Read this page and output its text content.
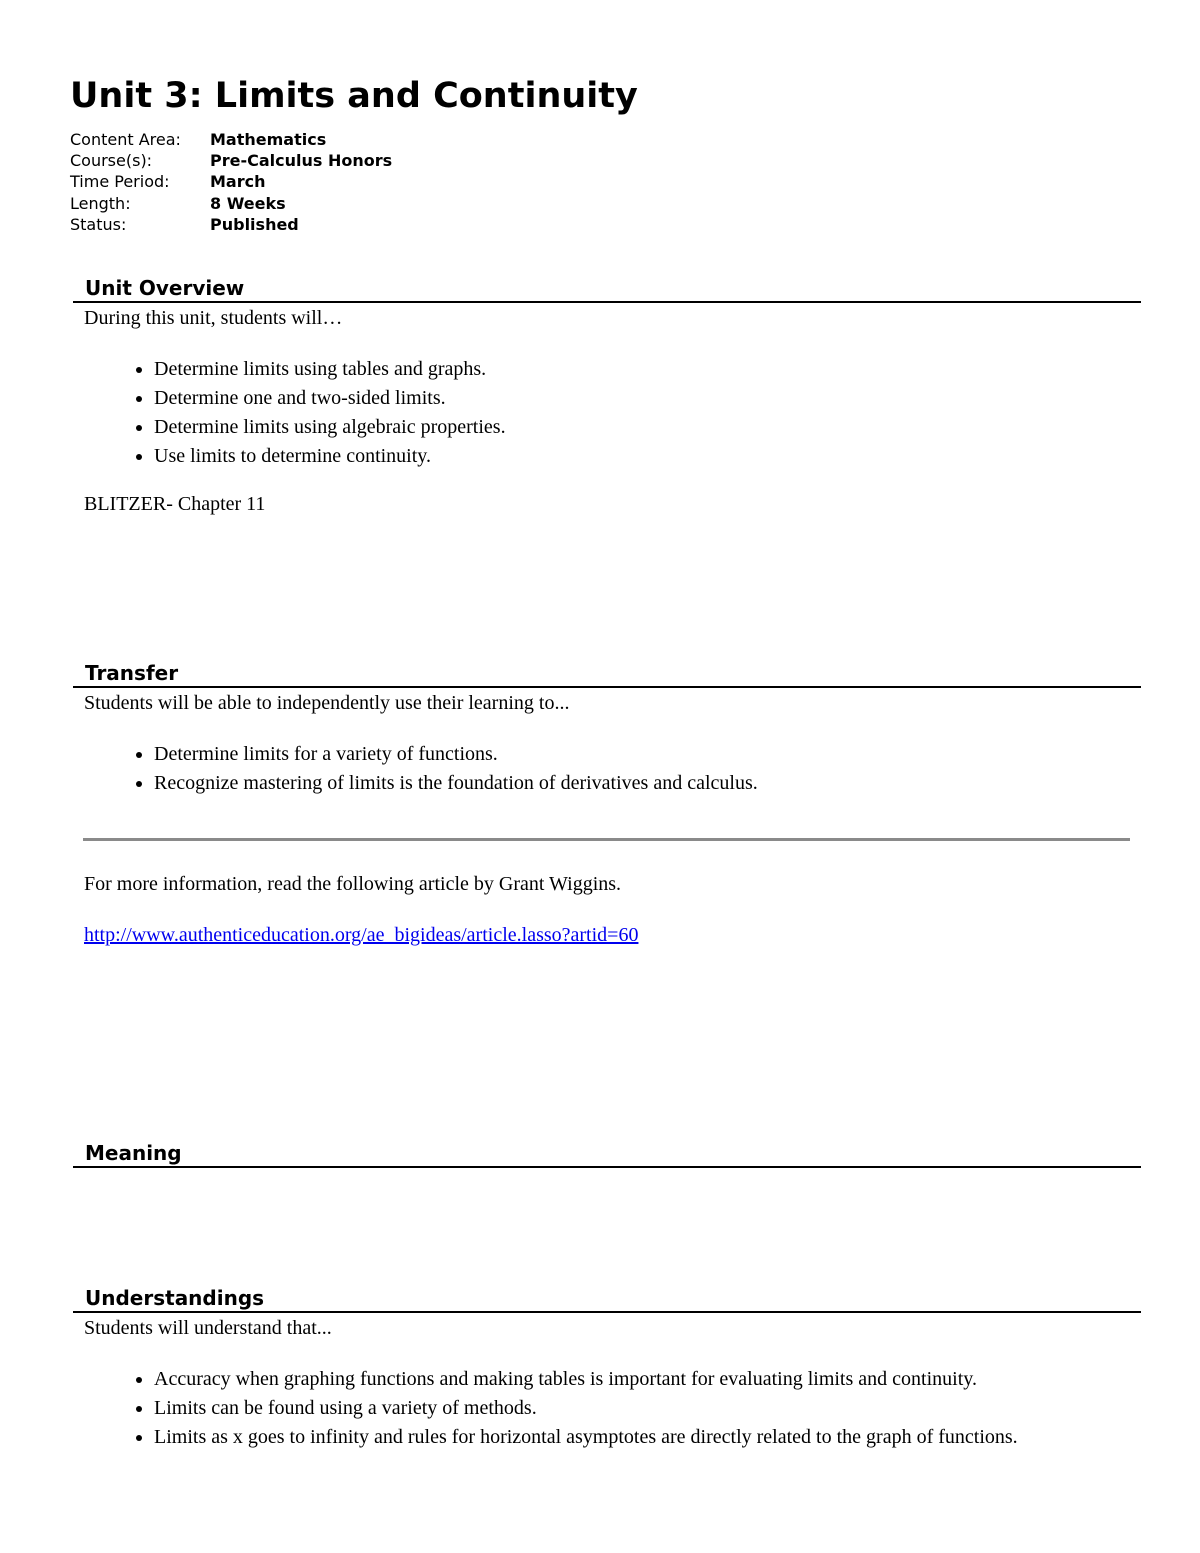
Unit 3: Limits and Continuity
Content Area:	Mathematics
Course(s):	Pre-Calculus Honors
Time Period:	March
Length:	8 Weeks
Status:	Published
Unit Overview

During this unit, students will…

• Determine limits using tables and graphs.
• Determine one and two-sided limits.
• Determine limits using algebraic properties.
• Use limits to determine continuity.

BLITZER- Chapter 11

Transfer

Students will be able to independently use their learning to...

• Determine limits for a variety of functions.
• Recognize mastering of limits is the foundation of derivatives and calculus.
For more information, read the following article by Grant Wiggins.
http://www.authenticeducation.org/ae_bigideas/article.lasso?artid=60
Meaning
Understandings

Students will understand that...

• Accuracy when graphing functions and making tables is important for evaluating limits and continuity.
• Limits can be found using a variety of methods.
• Limits as x goes to infinity and rules for horizontal asymptotes are directly related to the graph of functions.
